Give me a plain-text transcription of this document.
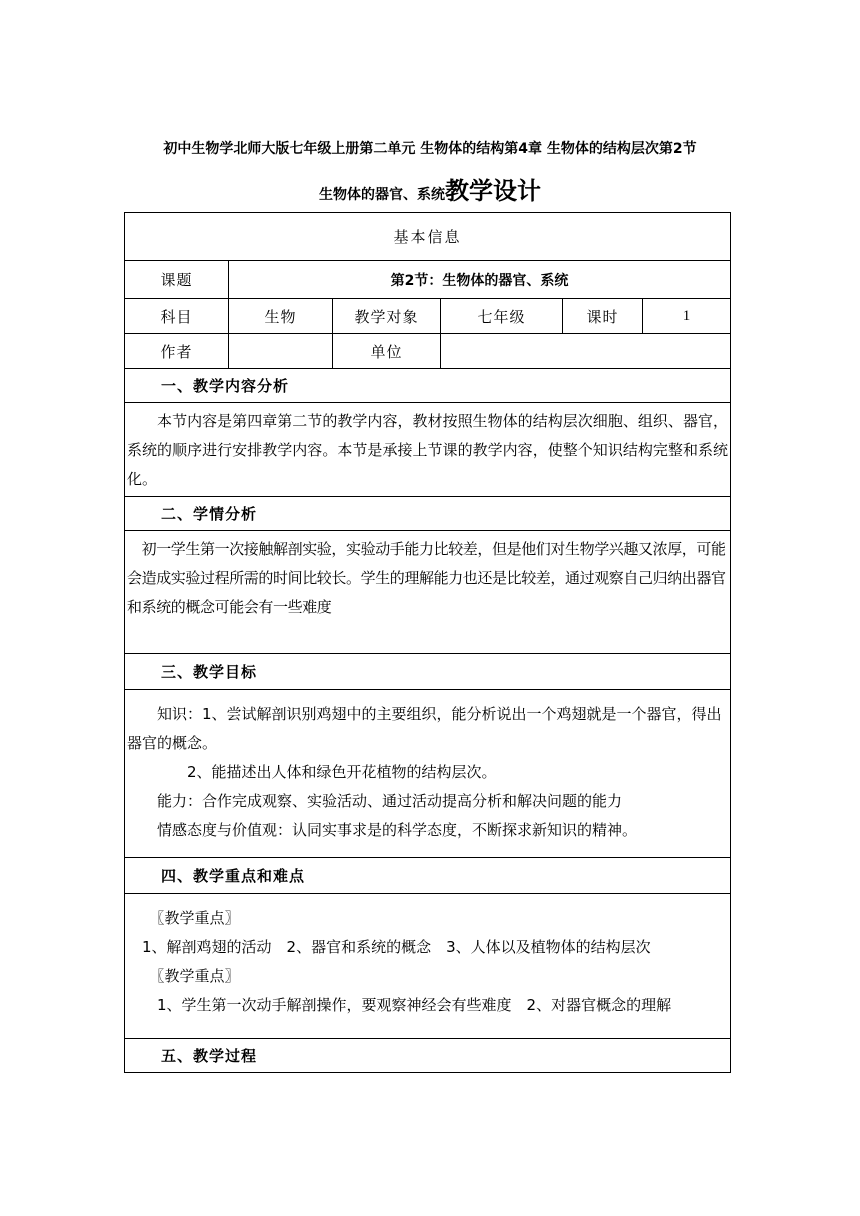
初中生物学北师大版七年级上册第二单元 生物体的结构第4章 生物体的结构层次第2节
生物体的器官、系统教学设计
基本信息					
课题	第2节：生物体的器官、系统				
科目	生物	教学对象	七年级	课时	1
作者		单位			
一、教学内容分析					
　　本节内容是第四章第二节的教学内容，教材按照生物体的结构层次细胞、组织、器官，系统的顺序进行安排教学内容。本节是承接上节课的教学内容，使整个知识结构完整和系统化。					
二、学情分析					
　初一学生第一次接触解剖实验，实验动手能力比较差，但是他们对生物学兴趣又浓厚，可能会造成实验过程所需的时间比较长。学生的理解能力也还是比较差，通过观察自己归纳出器官和系统的概念可能会有一些难度					
三、教学目标					

　　知识：1、尝试解剖识别鸡翅中的主要组织，能分析说出一个鸡翅就是一个器官，得出器官的概念。

　　　　2、能描述出人体和绿色开花植物的结构层次。

　　能力：合作完成观察、实验活动、通过活动提高分析和解决问题的能力

　　情感态度与价值观：认同实事求是的科学态度，不断探求新知识的精神。					

四、教学重点和难点					

　　〖教学重点〗

　1、解剖鸡翅的活动　2、器官和系统的概念　3、人体以及植物体的结构层次

　　〖教学重点〗

　　1、学生第一次动手解剖操作，要观察神经会有些难度　2、对器官概念的理解					

五、教学过程					
